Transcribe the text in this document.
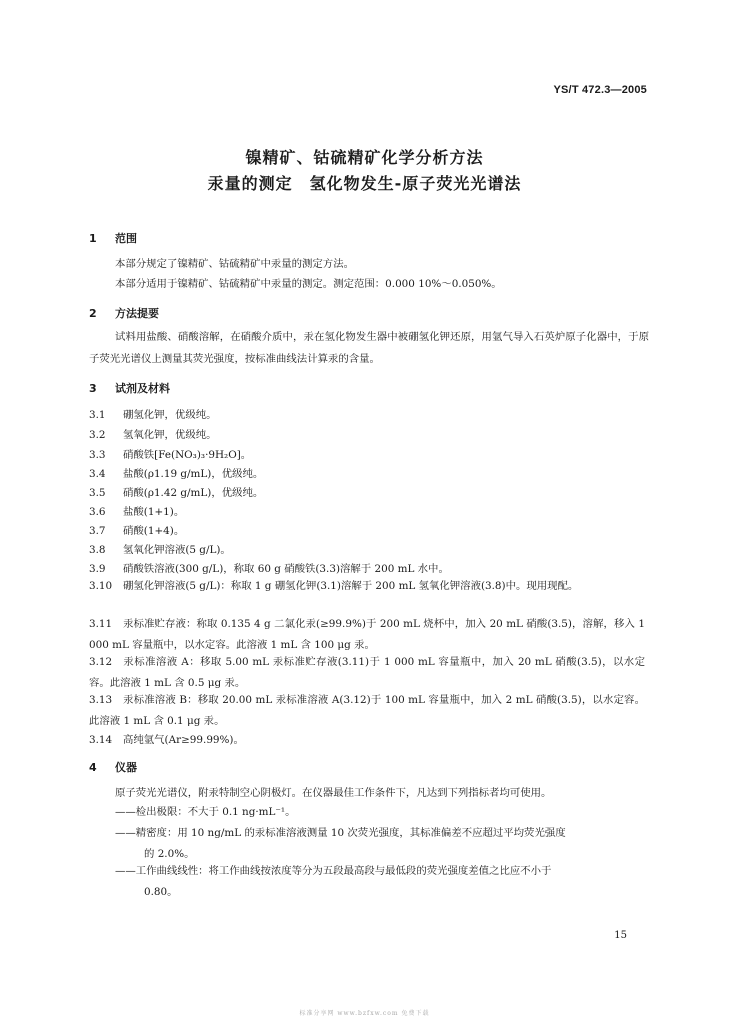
YS/T 472.3—2005
镍精矿、钴硫精矿化学分析方法
汞量的测定　氢化物发生-原子荧光光谱法
1 范围
本部分规定了镍精矿、钴硫精矿中汞量的测定方法。
本部分适用于镍精矿、钴硫精矿中汞量的测定。测定范围：0.000 10%～0.050%。
2 方法提要
试料用盐酸、硝酸溶解，在硝酸介质中，汞在氢化物发生器中被硼氢化钾还原，用氩气导入石英炉原子化器中，于原子荧光光谱仪上测量其荧光强度，按标准曲线法计算汞的含量。
3 试剂及材料
3.1 硼氢化钾，优级纯。
3.2 氢氧化钾，优级纯。
3.3 硝酸铁[Fe(NO₃)₃·9H₂O]。
3.4 盐酸(ρ1.19 g/mL)，优级纯。
3.5 硝酸(ρ1.42 g/mL)，优级纯。
3.6 盐酸(1+1)。
3.7 硝酸(1+4)。
3.8 氢氧化钾溶液(5 g/L)。
3.9 硝酸铁溶液(300 g/L)，称取 60 g 硝酸铁(3.3)溶解于 200 mL 水中。
3.10 硼氢化钾溶液(5 g/L)：称取 1 g 硼氢化钾(3.1)溶解于 200 mL 氢氧化钾溶液(3.8)中。现用现配。
3.11 汞标准贮存液：称取 0.135 4 g 二氯化汞(≥99.9%)于 200 mL 烧杯中，加入 20 mL 硝酸(3.5)，溶解，移入 1 000 mL 容量瓶中，以水定容。此溶液 1 mL 含 100 μg 汞。
3.12 汞标准溶液 A：移取 5.00 mL 汞标准贮存液(3.11)于 1 000 mL 容量瓶中，加入 20 mL 硝酸(3.5)，以水定容。此溶液 1 mL 含 0.5 μg 汞。
3.13 汞标准溶液 B：移取 20.00 mL 汞标准溶液 A(3.12)于 100 mL 容量瓶中，加入 2 mL 硝酸(3.5)，以水定容。此溶液 1 mL 含 0.1 μg 汞。
3.14 高纯氩气(Ar≥99.99%)。
4 仪器
原子荧光光谱仪，附汞特制空心阴极灯。在仪器最佳工作条件下，凡达到下列指标者均可使用。
——检出极限：不大于 0.1 ng·mL⁻¹。
——精密度：用 10 ng/mL 的汞标准溶液测量 10 次荧光强度，其标准偏差不应超过平均荧光强度
的 2.0%。
——工作曲线线性：将工作曲线按浓度等分为五段最高段与最低段的荧光强度差值之比应不小于
0.80。
15
标准分享网 www.bzfxw.com 免费下载
